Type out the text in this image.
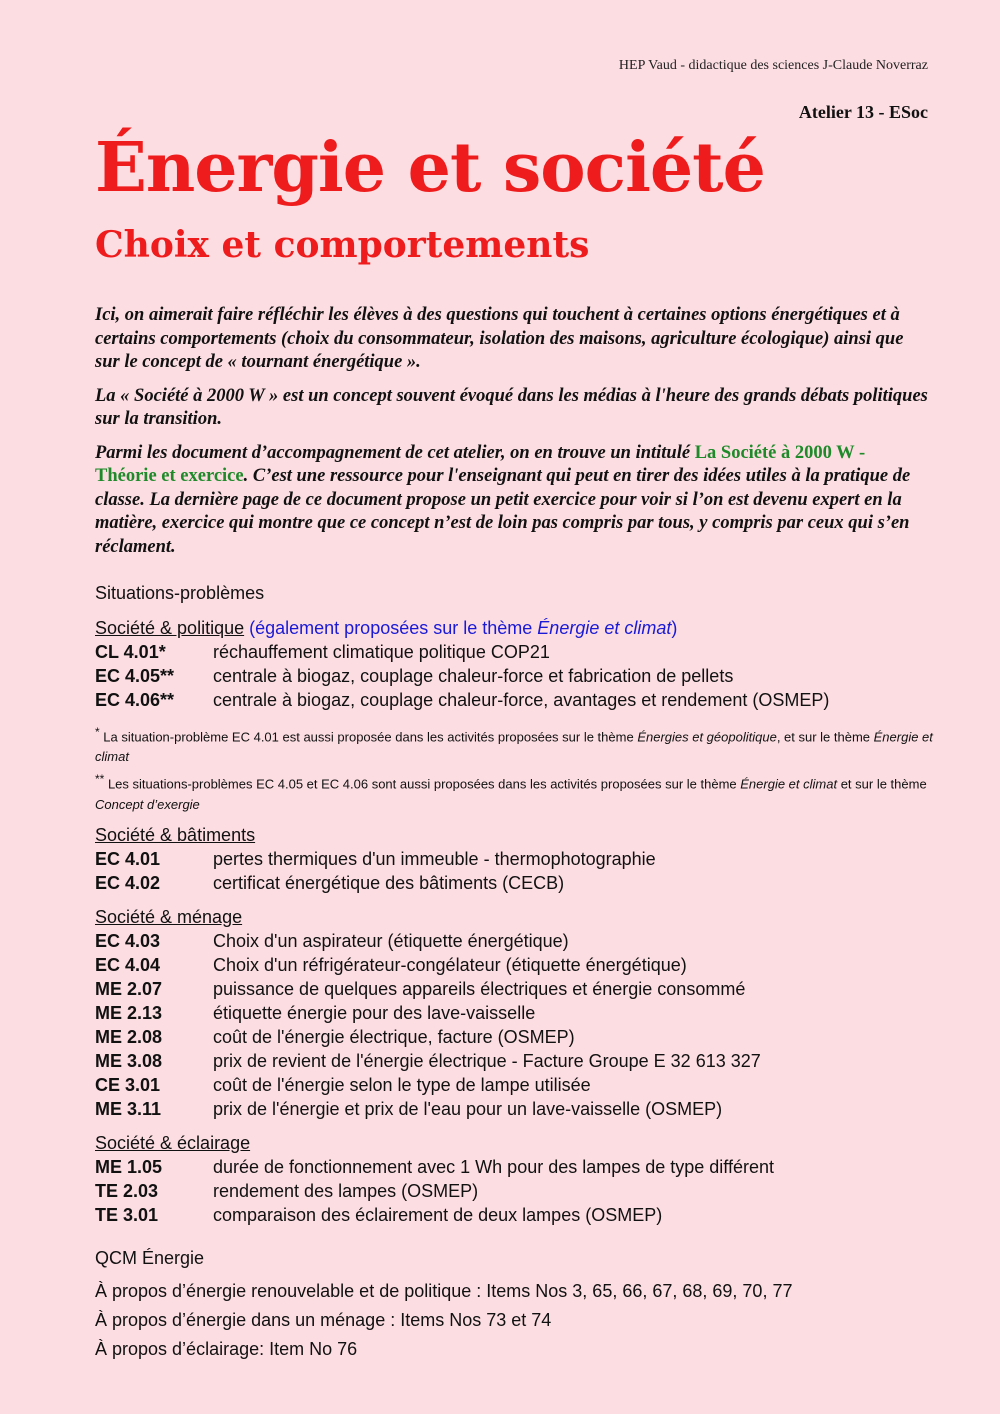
HEP Vaud - didactique des sciences J-Claude Noverraz
Atelier 13 - ESoc
Énergie et société
Choix et comportements

Ici, on aimerait faire réfléchir les élèves à des questions qui touchent à certaines options énergétiques et à certains comportements (choix du consommateur, isolation des maisons, agriculture écologique) ainsi que sur le concept de « tournant énergétique ».

La « Société à 2000 W » est un concept souvent évoqué dans les médias à l'heure des grands débats politiques sur la transition.

Parmi les document d’accompagnement de cet atelier, on en trouve un intitulé La Société à 2000 W - Théorie et exercice. C’est une ressource pour l'enseignant qui peut en tirer des idées utiles à la pratique de classe. La dernière page de ce document propose un petit exercice pour voir si l’on est devenu expert en la matière, exercice qui montre que ce concept n’est de loin pas compris par tous, y compris par ceux qui s’en réclament.

Situations-problèmes
Société & politique (également proposées sur le thème Énergie et climat)
CL 4.01*	réchauffement climatique politique COP21
EC 4.05**	centrale à biogaz, couplage chaleur-force et fabrication de pellets
EC 4.06**	centrale à biogaz, couplage chaleur-force, avantages et rendement (OSMEP)

* La situation-problème EC 4.01 est aussi proposée dans les activités proposées sur le thème Énergies et géopolitique, et sur le thème Énergie et climat

** Les situations-problèmes EC 4.05 et EC 4.06 sont aussi proposées dans les activités proposées sur le thème Énergie et climat et sur le thème Concept d’exergie

Société & bâtiments
EC 4.01	pertes thermiques d'un immeuble - thermophotographie
EC 4.02	certificat énergétique des bâtiments (CECB)
Société & ménage
EC 4.03	Choix d'un aspirateur (étiquette énergétique)
EC 4.04	Choix d'un réfrigérateur-congélateur (étiquette énergétique)
ME 2.07	puissance de quelques appareils électriques et énergie consommé
ME 2.13	étiquette énergie pour des lave-vaisselle
ME 2.08	coût de l'énergie électrique, facture (OSMEP)
ME 3.08	prix de revient de l'énergie électrique - Facture Groupe E 32 613 327
CE 3.01	coût de l'énergie selon le type de lampe utilisée
ME 3.11	prix de l'énergie et prix de l'eau pour un lave-vaisselle (OSMEP)
Société & éclairage
ME 1.05	durée de fonctionnement avec 1 Wh pour des lampes de type différent
TE 2.03	rendement des lampes (OSMEP)
TE 3.01	comparaison des éclairement de deux lampes (OSMEP)
QCM Énergie
À propos d’énergie renouvelable et de politique : Items Nos 3, 65, 66, 67, 68, 69, 70, 77
À propos d’énergie dans un ménage : Items Nos 73 et 74
À propos d’éclairage: Item No 76
